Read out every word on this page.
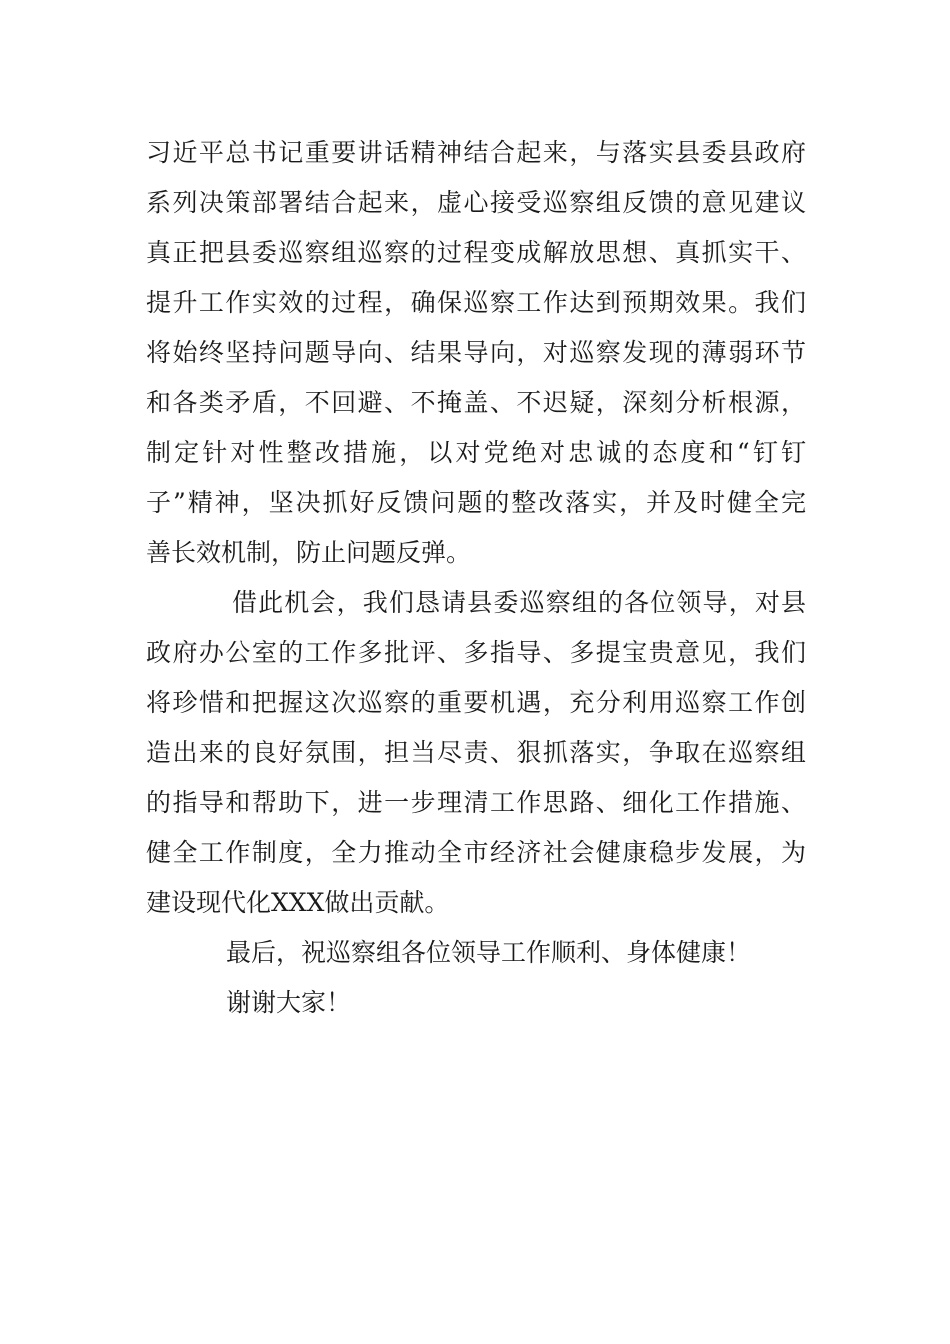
习近平总书记重要讲话精神结合起来，与落实县委县政府
系列决策部署结合起来，虚心接受巡察组反馈的意见建议
真正把县委巡察组巡察的过程变成解放思想、真抓实干、
提升工作实效的过程，确保巡察工作达到预期效果。我们
将始终坚持问题导向、结果导向，对巡察发现的薄弱环节
和各类矛盾，不回避、不掩盖、不迟疑，深刻分析根源，
制定针对性整改措施，以对党绝对忠诚的态度和“钉钉
子”精神，坚决抓好反馈问题的整改落实，并及时健全完
善长效机制，防止问题反弹。
借此机会，我们恳请县委巡察组的各位领导，对县
政府办公室的工作多批评、多指导、多提宝贵意见，我们
将珍惜和把握这次巡察的重要机遇，充分利用巡察工作创
造出来的良好氛围，担当尽责、狠抓落实，争取在巡察组
的指导和帮助下，进一步理清工作思路、细化工作措施、
健全工作制度，全力推动全市经济社会健康稳步发展，为
建设现代化XXX做出贡献。
最后，祝巡察组各位领导工作顺利、身体健康！
谢谢大家！
